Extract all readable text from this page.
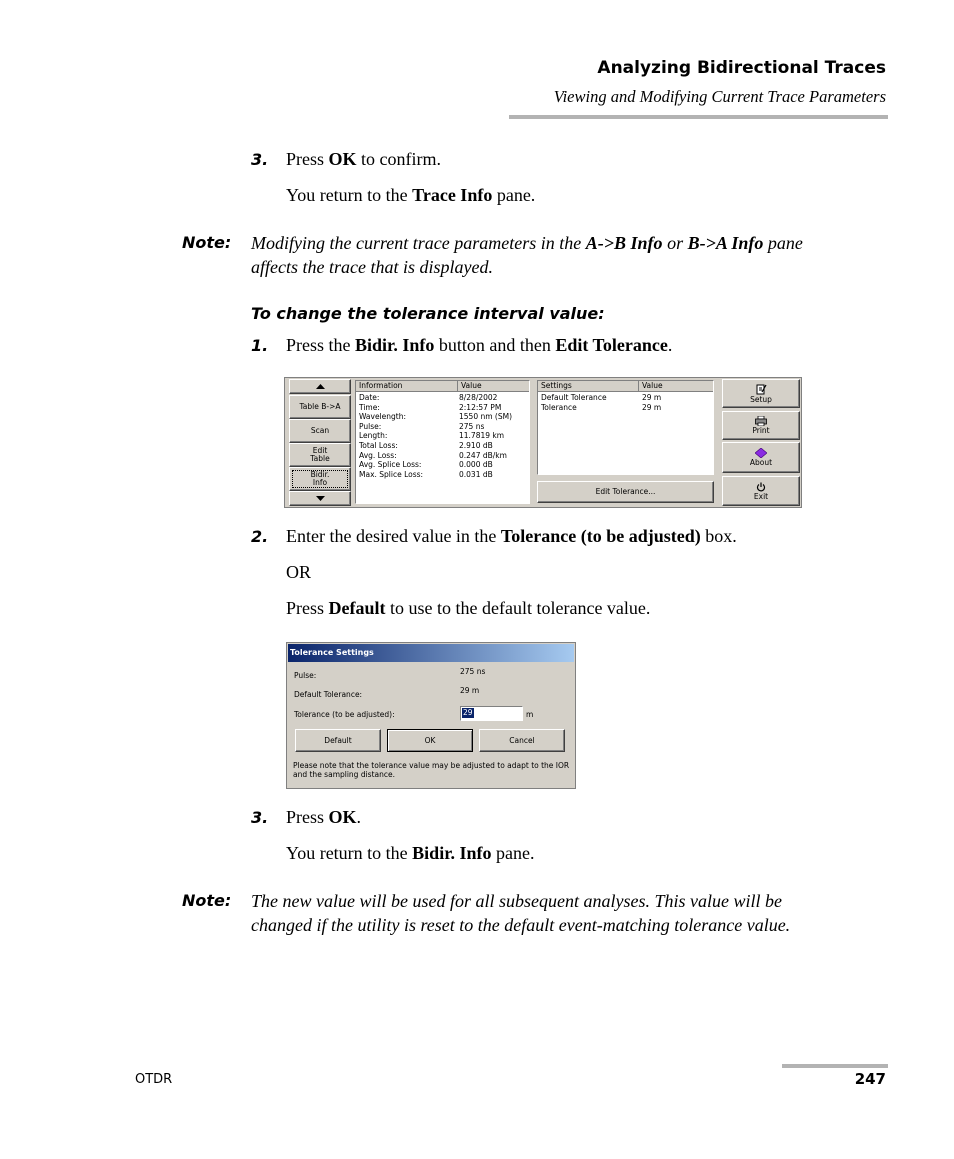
Analyzing Bidirectional Traces
Viewing and Modifying Current Trace Parameters
3. Press OK to confirm.
You return to the Trace Info pane.
Note: Modifying the current trace parameters in the A->B Info or B->A Info pane
affects the trace that is displayed.
To change the tolerance interval value:
1. Press the Bidir. Info button and then Edit Tolerance.
Table B->A
Scan
Edit
Table
Bidir.
Info
Information	Value
Date:	8/28/2002
Time:	2:12:57 PM
Wavelength:	1550 nm (SM)
Pulse:	275 ns
Length:	11.7819 km
Total Loss:	2.910 dB
Avg. Loss:	0.247 dB/km
Avg. Splice Loss:	0.000 dB
Max. Splice Loss:	0.031 dB
Settings	Value
Default Tolerance	29 m
Tolerance	29 m
Edit Tolerance...
Setup
Print
About
Exit
2. Enter the desired value in the Tolerance (to be adjusted) box.
OR
Press Default to use to the default tolerance value.
Tolerance Settings
Pulse:	275 ns
Default Tolerance:	29 m
Tolerance (to be adjusted):	29	m
Default	OK	Cancel
Please note that the tolerance value may be adjusted to adapt to the IOR
and the sampling distance.
3. Press OK.
You return to the Bidir. Info pane.
Note: The new value will be used for all subsequent analyses. This value will be
changed if the utility is reset to the default event-matching tolerance value.
OTDR	247
